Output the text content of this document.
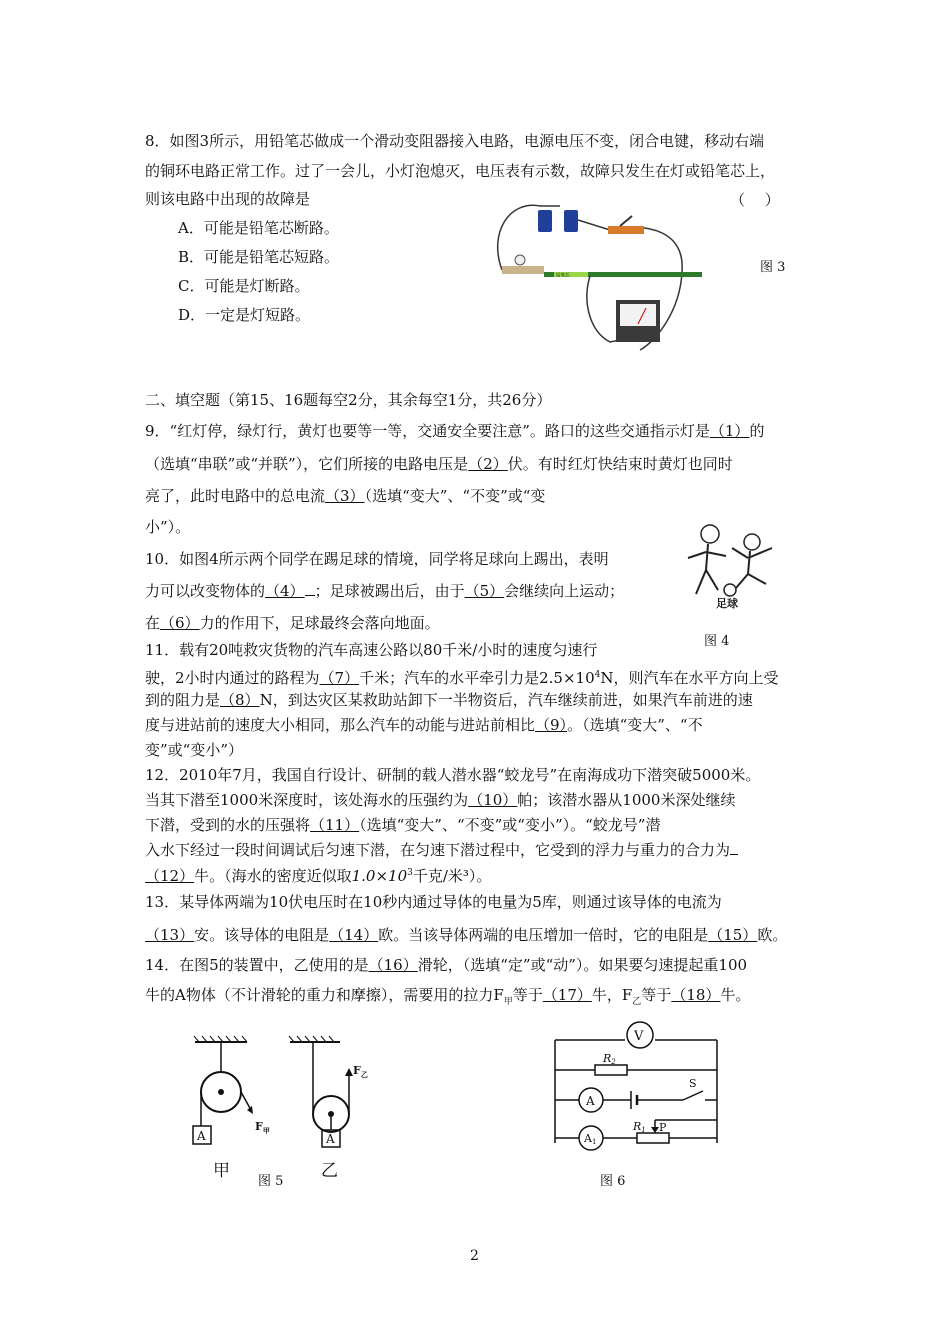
8．如图3所示，用铅笔芯做成一个滑动变阻器接入电路，电源电压不变，闭合电键，移动右端
的铜环电路正常工作。过了一会儿，小灯泡熄灭，电压表有示数，故障只发生在灯或铅笔芯上，
则该电路中出现的故障是	（　 ）
A．可能是铅笔芯断路。
B．可能是铅笔芯短路。
C．可能是灯断路。
D．一定是灯短路。
铅笔芯
图 3
二、填空题（第15、16题每空2分，其余每空1分，共26分）
9．“红灯停，绿灯行，黄灯也要等一等，交通安全要注意”。路口的这些交通指示灯是（1）的
（选填“串联”或“并联”），它们所接的电路电压是（2）伏。有时红灯快结束时黄灯也同时
亮了，此时电路中的总电流（3）（选填“变大”、“不变”或“变
小”）。
10．如图4所示两个同学在踢足球的情境，同学将足球向上踢出，表明
力可以改变物体的（4） ；足球被踢出后，由于（5）会继续向上运动；
在（6）力的作用下，足球最终会落向地面。
足球
图 4
11．载有20吨救灾货物的汽车高速公路以80千米/小时的速度匀速行
驶，2小时内通过的路程为（7）千米；汽车的水平牵引力是$2.5\times 10^4N$，则汽车在水平方向上受
到的阻力是（8）N，到达灾区某救助站卸下一半物资后，汽车继续前进，如果汽车前进的速
度与进站前的速度大小相同，那么汽车的动能与进站前相比（9）。（选填“变大”、“不
变”或“变小”）
12．2010年7月，我国自行设计、研制的载人潜水器“蛟龙号”在南海成功下潜突破5000米。
当其下潜至1000米深度时，该处海水的压强约为（10）帕；该潜水器从1000米深处继续
下潜，受到的水的压强将（11）（选填“变大”、“不变”或“变小”）。“蛟龙号”潜
入水下经过一段时间调试后匀速下潜，在匀速下潜过程中，它受到的浮力与重力的合力为
（12）牛。（海水的密度近似取$1.0\times 10^3$千克/米³）。
13．某导体两端为10伏电压时在10秒内通过导体的电量为5库，则通过该导体的电流为
（13）安。该导体的电阻是（14）欧。当该导体两端的电压增加一倍时，它的电阻是（15）欧。
14．在图5的装置中，乙使用的是（16）滑轮，（选填“定”或“动”）。如果要匀速提起重100
牛的A物体（不计滑轮的重力和摩擦），需要用的拉力$F_甲$等于（17）牛，$F_乙$等于（18）牛。
A
$F_甲$
甲
$F_乙$
A
乙
图 5
V
R2
A
S
A1
R1 P
图 6
2
